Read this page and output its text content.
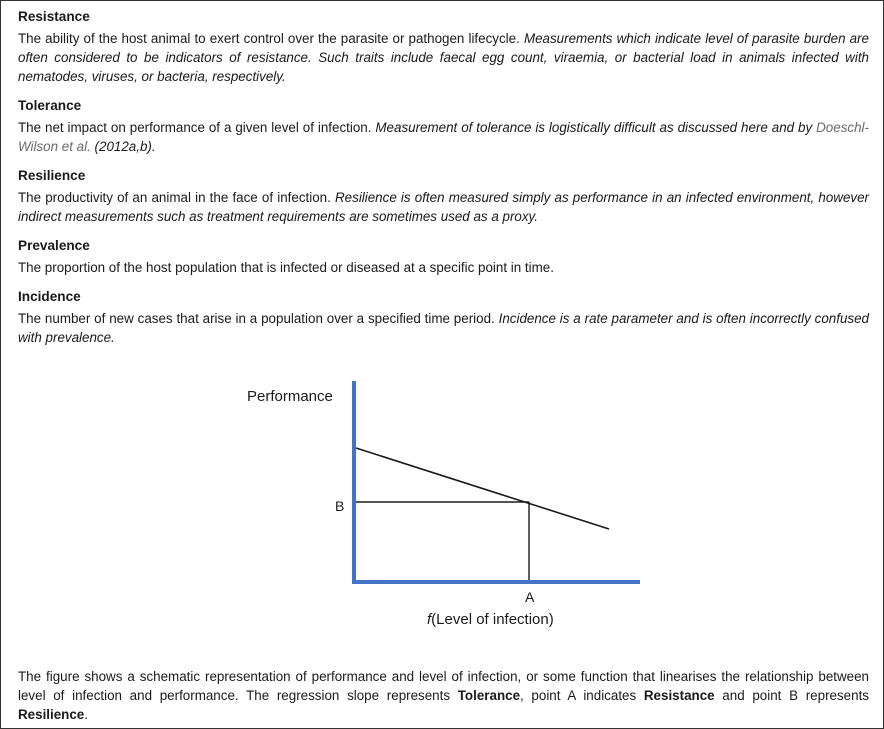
Resistance

The ability of the host animal to exert control over the parasite or pathogen lifecycle. Measurements which indicate level of parasite burden are often considered to be indicators of resistance. Such traits include faecal egg count, viraemia, or bacterial load in animals infected with nematodes, viruses, or bacteria, respectively.

Tolerance

The net impact on performance of a given level of infection. Measurement of tolerance is logistically difficult as discussed here and by Doeschl-Wilson et al. (2012a,b).

Resilience

The productivity of an animal in the face of infection. Resilience is often measured simply as performance in an infected environment, however indirect measurements such as treatment requirements are sometimes used as a proxy.

Prevalence

The proportion of the host population that is infected or diseased at a specific point in time.

Incidence

The number of new cases that arise in a population over a specified time period. Incidence is a rate parameter and is often incorrectly confused with prevalence.

Performance
B
A
f(Level of infection)

The figure shows a schematic representation of performance and level of infection, or some function that linearises the relationship between level of infection and performance. The regression slope represents Tolerance, point A indicates Resistance and point B represents Resilience.
